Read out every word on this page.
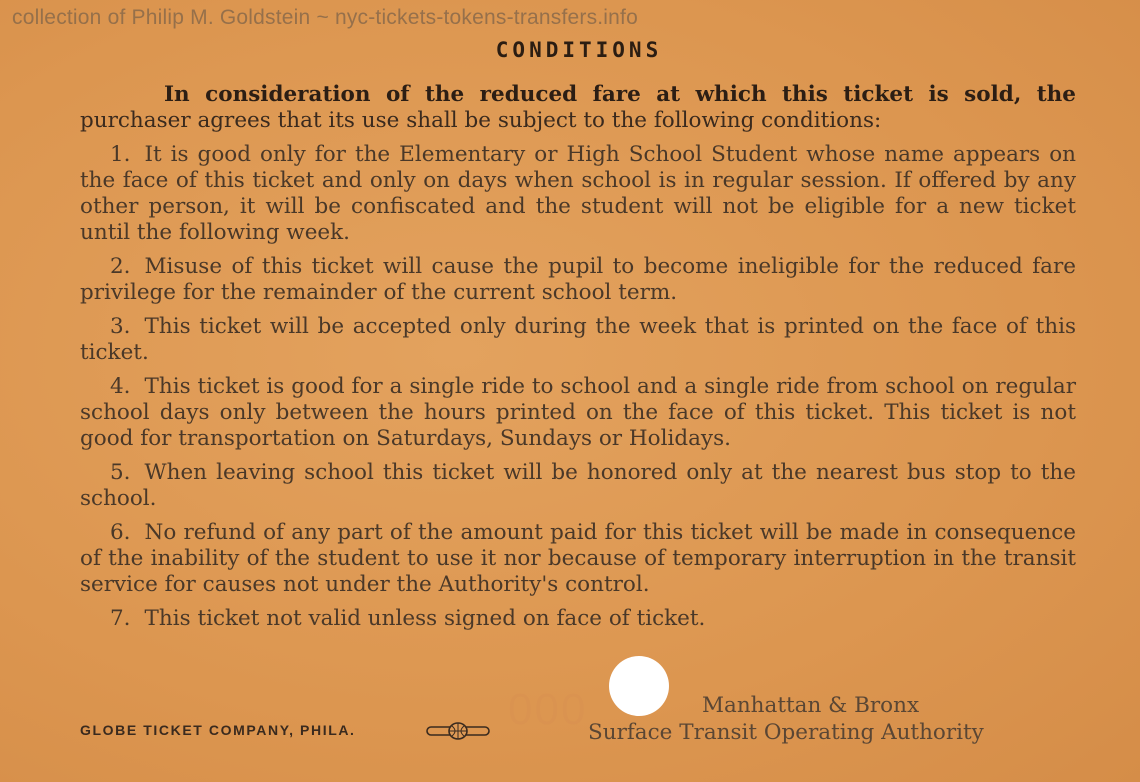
collection of Philip M. Goldstein ~ nyc-tickets-tokens-transfers.info
CONDITIONS

In consideration of the reduced fare at which this ticket is sold, the purchaser agrees that its use shall be subject to the following conditions:

1. It is good only for the Elementary or High School Student whose name appears on the face of this ticket and only on days when school is in regular session. If offered by any other person, it will be confiscated and the student will not be eligible for a new ticket until the following week.

2. Misuse of this ticket will cause the pupil to become ineligible for the reduced fare privilege for the remainder of the current school term.

3. This ticket will be accepted only during the week that is printed on the face of this ticket.

4. This ticket is good for a single ride to school and a single ride from school on regular school days only between the hours printed on the face of this ticket. This ticket is not good for transportation on Saturdays, Sundays or Holidays.

5. When leaving school this ticket will be honored only at the nearest bus stop to the school.

6. No refund of any part of the amount paid for this ticket will be made in consequence of the inability of the student to use it nor because of temporary interruption in the transit service for causes not under the Authority's control.

7. This ticket not valid unless signed on face of ticket.

000
GLOBE TICKET COMPANY, PHILA.
Manhattan & Bronx
Surface Transit Operating Authority
